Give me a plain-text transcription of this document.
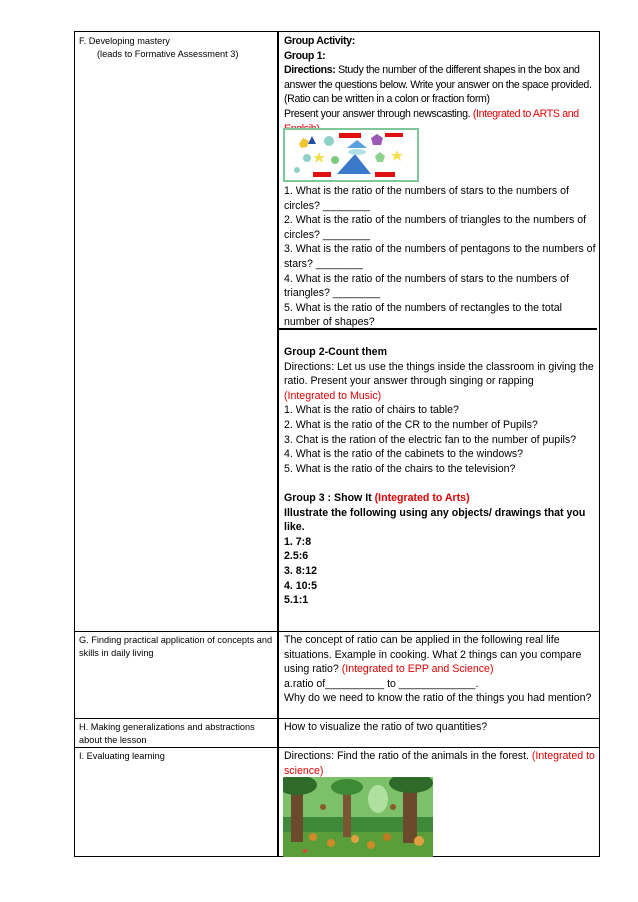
F. Developing mastery

(leads to Formative Assessment 3)

Group Activity:

Group 1:

Directions: Study the number of the different shapes in the box and answer the questions below. Write your answer on the space provided. (Ratio can be written in a colon or fraction form)

Present your answer through newscasting. (Integrated to ARTS and

1. What is the ratio of the numbers of stars to the numbers of circles? ________

2. What is the ratio of the numbers of triangles to the numbers of circles? ________

3. What is the ratio of the numbers of pentagons to the numbers of stars? ________

4. What is the ratio of the numbers of stars to the numbers of triangles? ________

5. What is the ratio of the numbers of rectangles to the total number of shapes?

Group 2-Count them

Directions: Let us use the things inside the classroom in giving the ratio. Present your answer through singing or rapping

(Integrated to Music)

1. What is the ratio of chairs to table?

2. What is the ratio of the CR to the number of Pupils?

3. Chat is the ration of the electric fan to the number of pupils?

4. What is the ratio of the cabinets to the windows?

5. What is the ratio of the chairs to the television?

Group 3 : Show It (Integrated to Arts)

Illustrate the following using any objects/ drawings that you like.

1. 7:8

2.5:6

3. 8:12

4. 10:5

5.1:1

G. Finding practical application of concepts and skills in daily living

The concept of ratio can be applied in the following real life situations. Example in cooking. What 2 things can you compare using ratio? (Integrated to EPP and Science)

a.ratio of__________ to _____________.

Why do we need to know the ratio of the things you had mention?

H. Making generalizations and abstractions about the lesson
How to visualize the ratio of two quantities?
I. Evaluating learning	Directions: Find the ratio of the animals in the forest. (Integrated to science)
